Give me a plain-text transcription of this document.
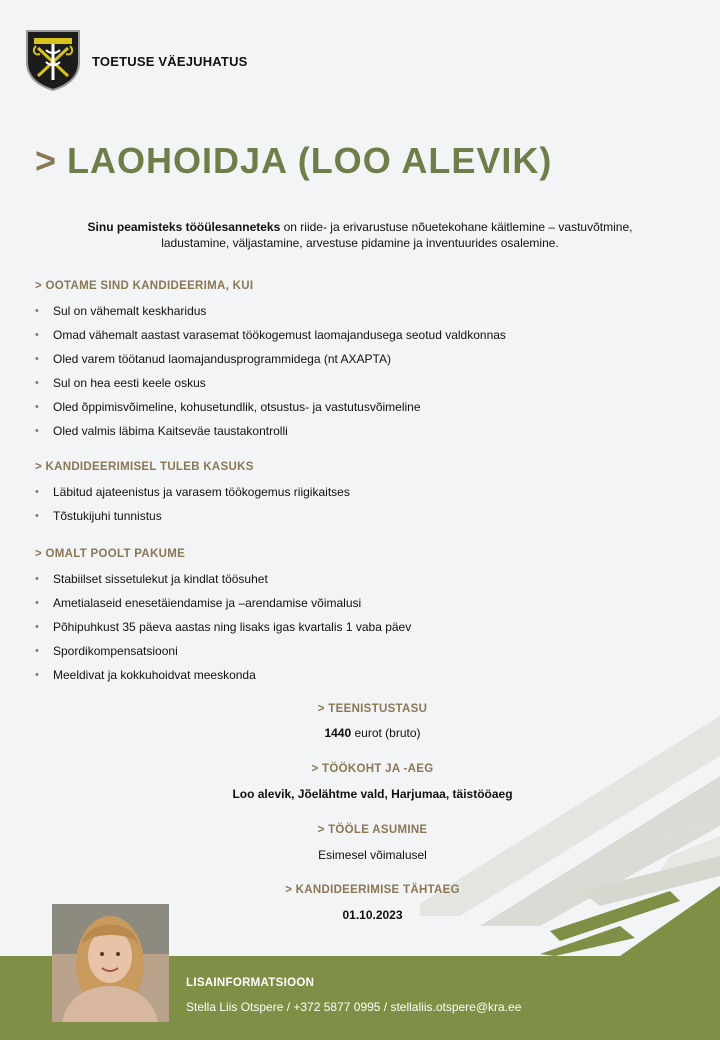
TOETUSE VÄEJUHATUS
> LAOHOIDJA (LOO ALEVIK)
Sinu peamisteks tööülesanneteks on riide- ja erivarustuse nõuetekohane käitlemine – vastuvõtmine,
ladustamine, väljastamine, arvestuse pidamine ja inventuurides osalemine.
> OOTAME SIND KANDIDEERIMA, KUI
• Sul on vähemalt keskharidus
• Omad vähemalt aastast varasemat töökogemust laomajandusega seotud valdkonnas
• Oled varem töötanud laomajandusprogrammidega (nt AXAPTA)
• Sul on hea eesti keele oskus
• Oled õppimisvõimeline, kohusetundlik, otsustus- ja vastutusvõimeline
• Oled valmis läbima Kaitseväe taustakontrolli
> KANDIDEERIMISEL TULEB KASUKS
• Läbitud ajateenistus ja varasem töökogemus riigikaitses
• Tõstukijuhi tunnistus
> OMALT POOLT PAKUME
• Stabiilset sissetulekut ja kindlat töösuhet
• Ametialaseid enesetäiendamise ja –arendamise võimalusi
• Põhipuhkust 35 päeva aastas ning lisaks igas kvartalis 1 vaba päev
• Spordikompensatsiooni
• Meeldivat ja kokkuhoidvat meeskonda
> TEENISTUSTASU
1440 eurot (bruto)
> TÖÖKOHT JA -AEG
Loo alevik, Jõelähtme vald, Harjumaa, täistööaeg
> TÖÖLE ASUMINE
Esimesel võimalusel
> KANDIDEERIMISE TÄHTAEG
01.10.2023
LISAINFORMATSIOON
Stella Liis Otspere / +372 5877 0995 / stellaliis.otspere@kra.ee
